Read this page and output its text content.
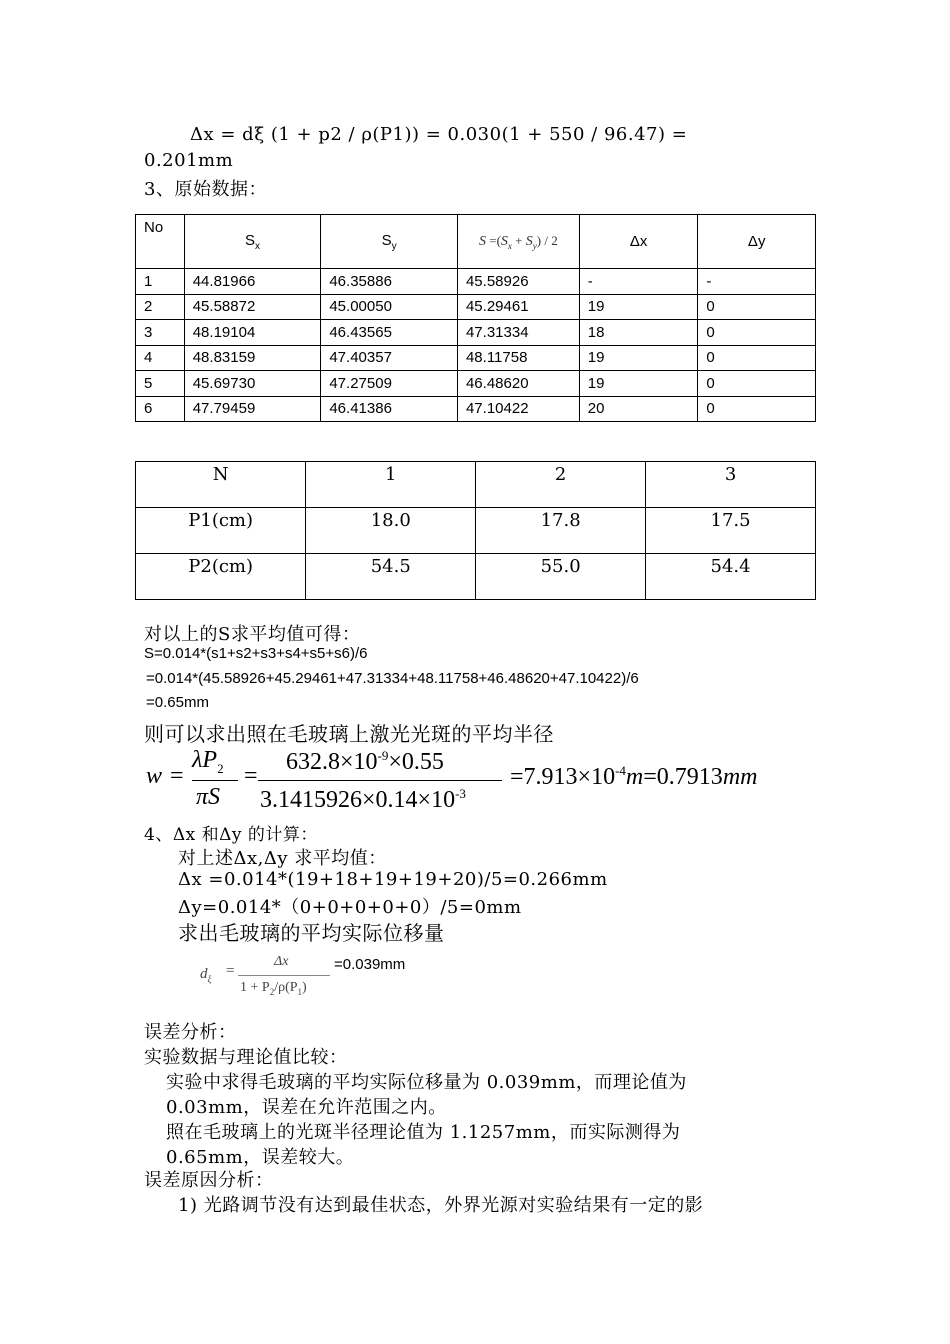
Δx = dξ (1 + p2 / ρ(P1)) = 0.030(1 + 550 / 96.47) =
0.201mm
3、原始数据：
No	$S_x$	$S_y$	$S =(S_x + S_y) / 2$	Δx	Δy
1	44.81966	46.35886	45.58926	-	-
2	45.58872	45.00050	45.29461	19	0
3	48.19104	46.43565	47.31334	18	0
4	48.83159	47.40357	48.11758	19	0
5	45.69730	47.27509	46.48620	19	0
6	47.79459	46.41386	47.10422	20	0
N	1	2	3
P1(cm)	18.0	17.8	17.5
P2(cm)	54.5	55.0	54.4
对以上的S求平均值可得：
S=0.014*(s1+s2+s3+s4+s5+s6)/6
=0.014*(45.58926+45.29461+47.31334+48.11758+46.48620+47.10422)/6
=0.65mm
则可以求出照在毛玻璃上激光光斑的平均半径
w =
$\lambda P_2$
πS
=
$632.8\times 10^{-9}\times 0.55$
$3.1415926\times 0.14\times 10^{-3}$
$=7.913\times 10^{-4}m=0.7913mm$
4、Δx 和Δy 的计算：
对上述Δx,Δy 求平均值：
Δx =0.014*(19+18+19+19+20)/5=0.266mm
Δy=0.014*（0+0+0+0+0）/5=0mm
求出毛玻璃的平均实际位移量
$d_\xi$
=
Δx
$1 + P_2/\rho(P_1)$
=0.039mm
误差分析：
实验数据与理论值比较：
实验中求得毛玻璃的平均实际位移量为 0.039mm，而理论值为
0.03mm，误差在允许范围之内。
照在毛玻璃上的光斑半径理论值为 1.1257mm，而实际测得为
0.65mm，误差较大。
误差原因分析：
1) 光路调节没有达到最佳状态，外界光源对实验结果有一定的影
